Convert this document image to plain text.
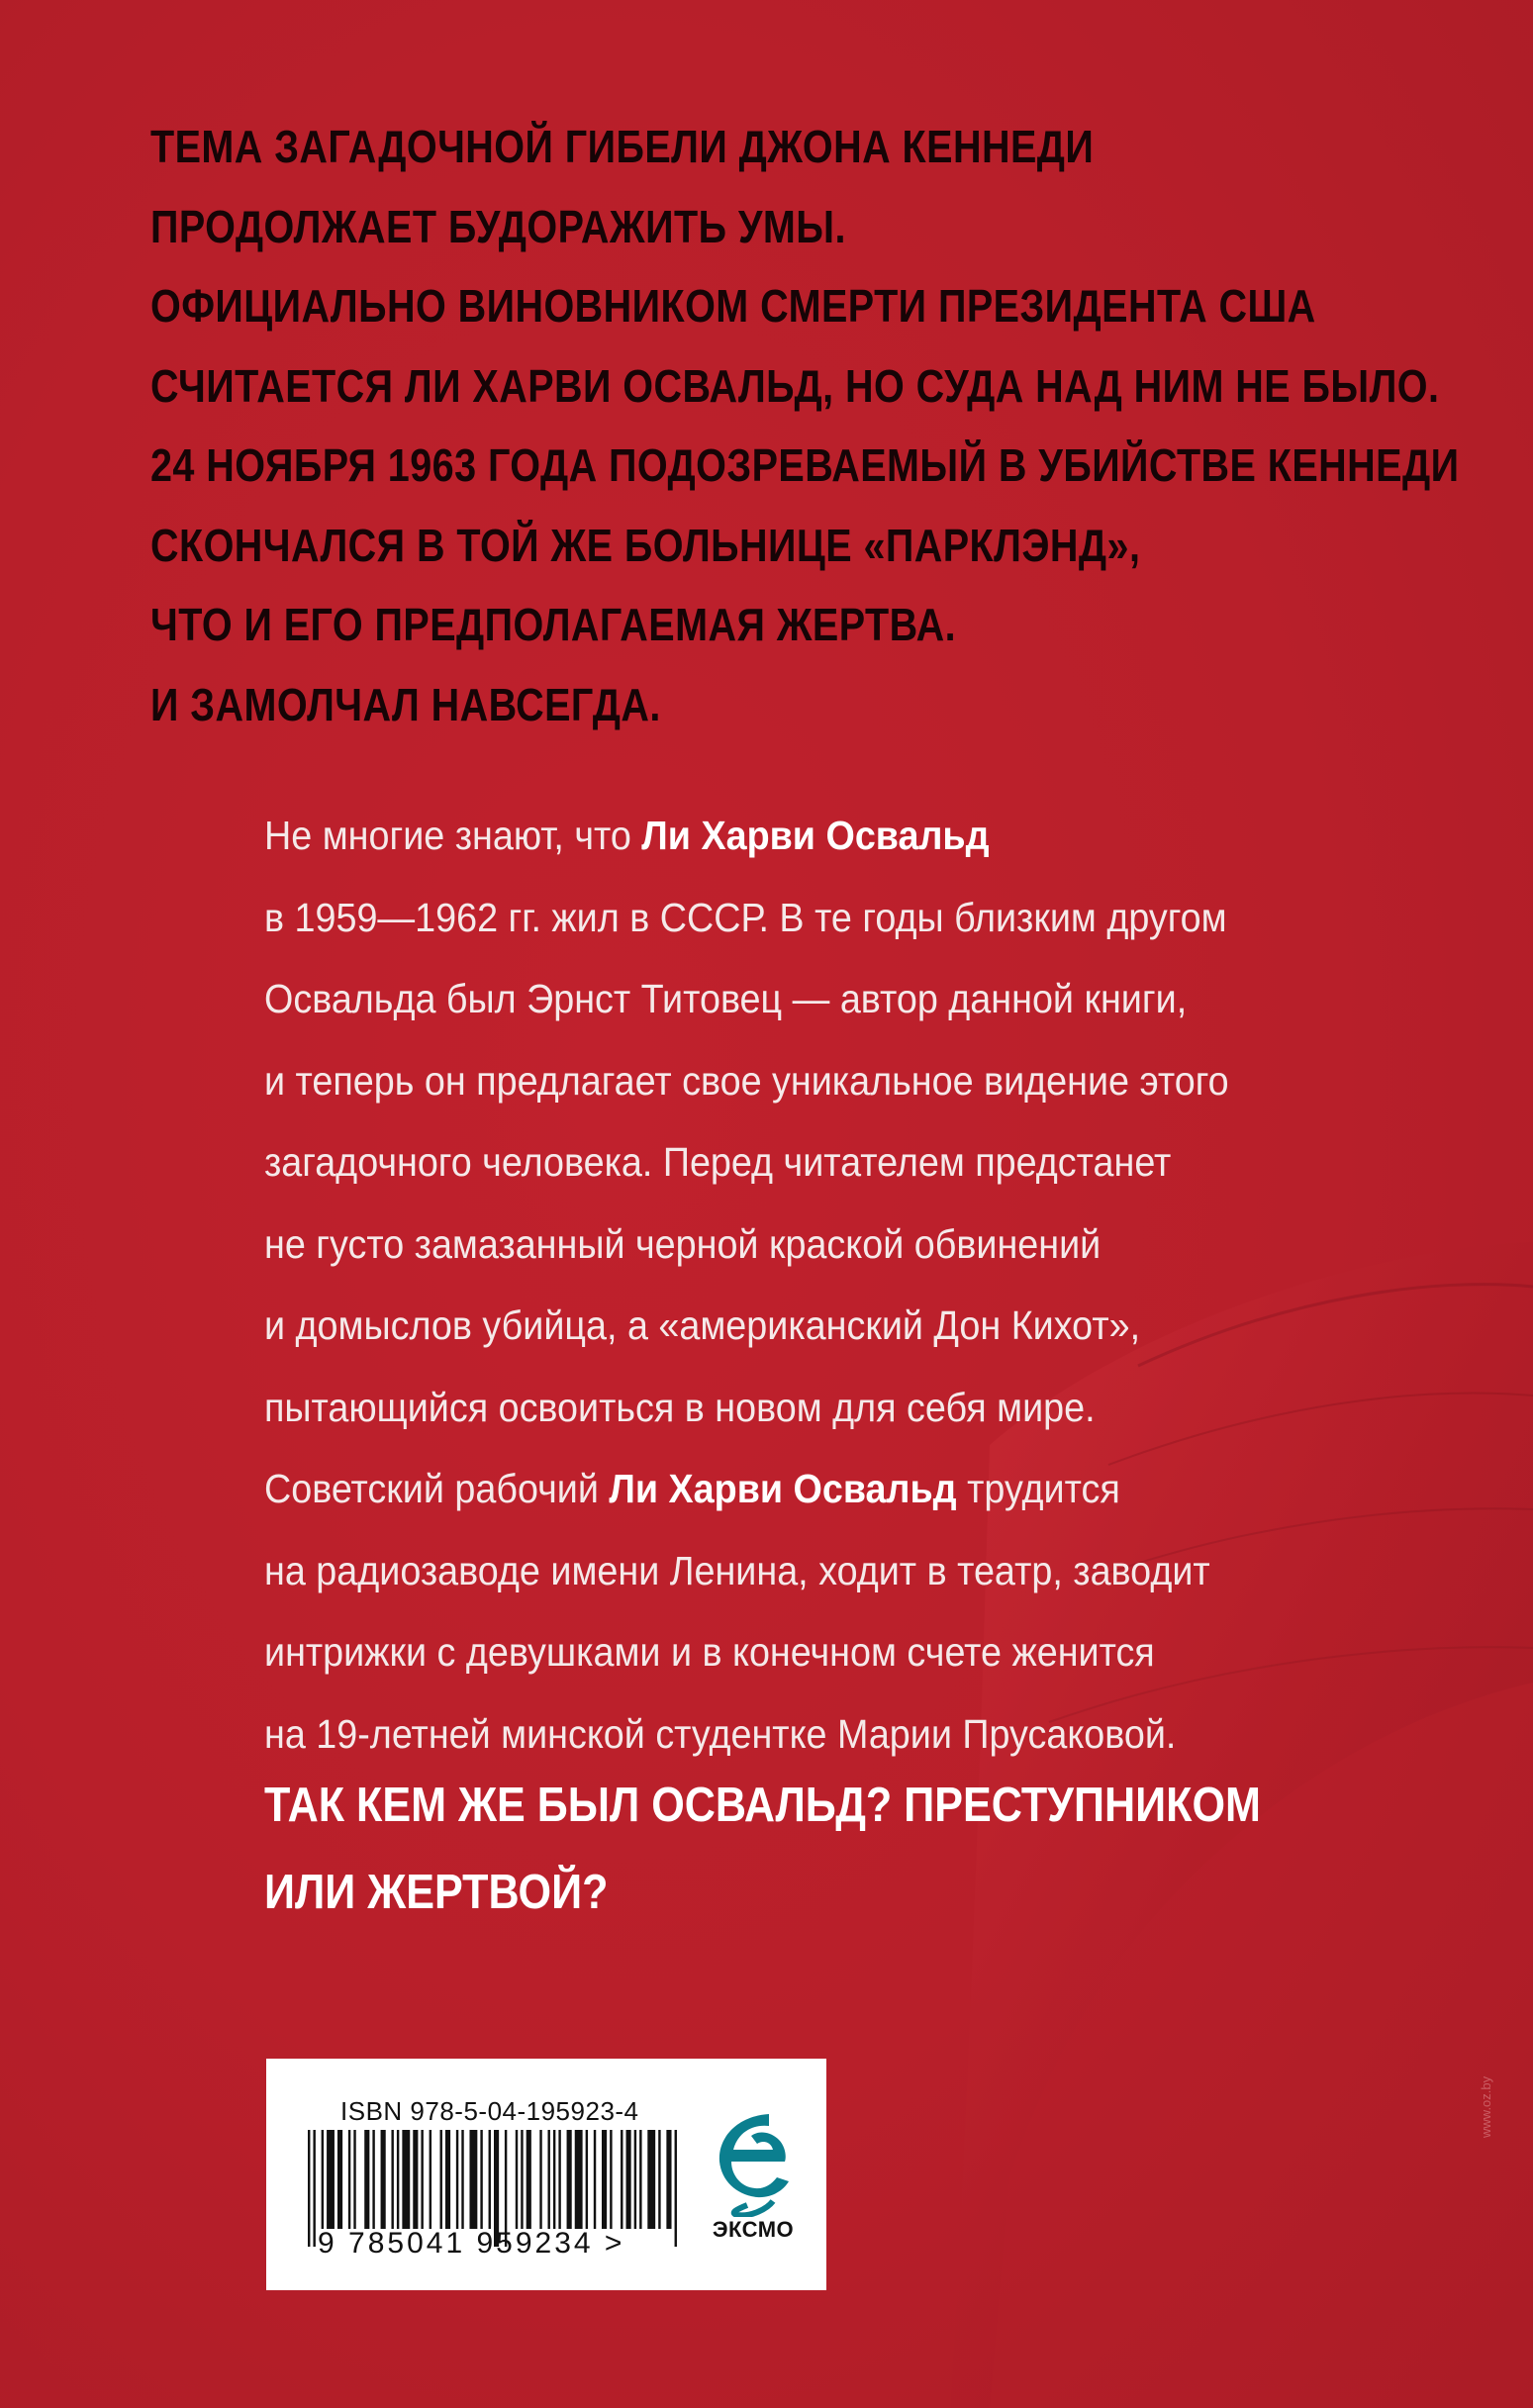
ТЕМА ЗАГАДОЧНОЙ ГИБЕЛИ ДЖОНА КЕННЕДИ
ПРОДОЛЖАЕТ БУДОРАЖИТЬ УМЫ.
ОФИЦИАЛЬНО ВИНОВНИКОМ СМЕРТИ ПРЕЗИДЕНТА США
СЧИТАЕТСЯ ЛИ ХАРВИ ОСВАЛЬД, НО СУДА НАД НИМ НЕ БЫЛО.
24 НОЯБРЯ 1963 ГОДА ПОДОЗРЕВАЕМЫЙ В УБИЙСТВЕ КЕННЕДИ
СКОНЧАЛСЯ В ТОЙ ЖЕ БОЛЬНИЦЕ «ПАРКЛЭНД»,
ЧТО И ЕГО ПРЕДПОЛАГАЕМАЯ ЖЕРТВА.
И ЗАМОЛЧАЛ НАВСЕГДА.
Не многие знают, что Ли Харви Освальд
в 1959—1962 гг. жил в СССР. В те годы близким другом
Освальда был Эрнст Титовец — автор данной книги,
и теперь он предлагает свое уникальное видение этого
загадочного человека. Перед читателем предстанет
не густо замазанный черной краской обвинений
и домыслов убийца, а «американский Дон Кихот»,
пытающийся освоиться в новом для себя мире.
Советский рабочий Ли Харви Освальд трудится
на радиозаводе имени Ленина, ходит в театр, заводит
интрижки с девушками и в конечном счете женится
на 19-летней минской студентке Марии Прусаковой.
ТАК КЕМ ЖЕ БЫЛ ОСВАЛЬД? ПРЕСТУПНИКОМ
ИЛИ ЖЕРТВОЙ?
ISBN 978-5-04-195923-4
9 785041 959234 >	ЭКСМО
www.oz.by
